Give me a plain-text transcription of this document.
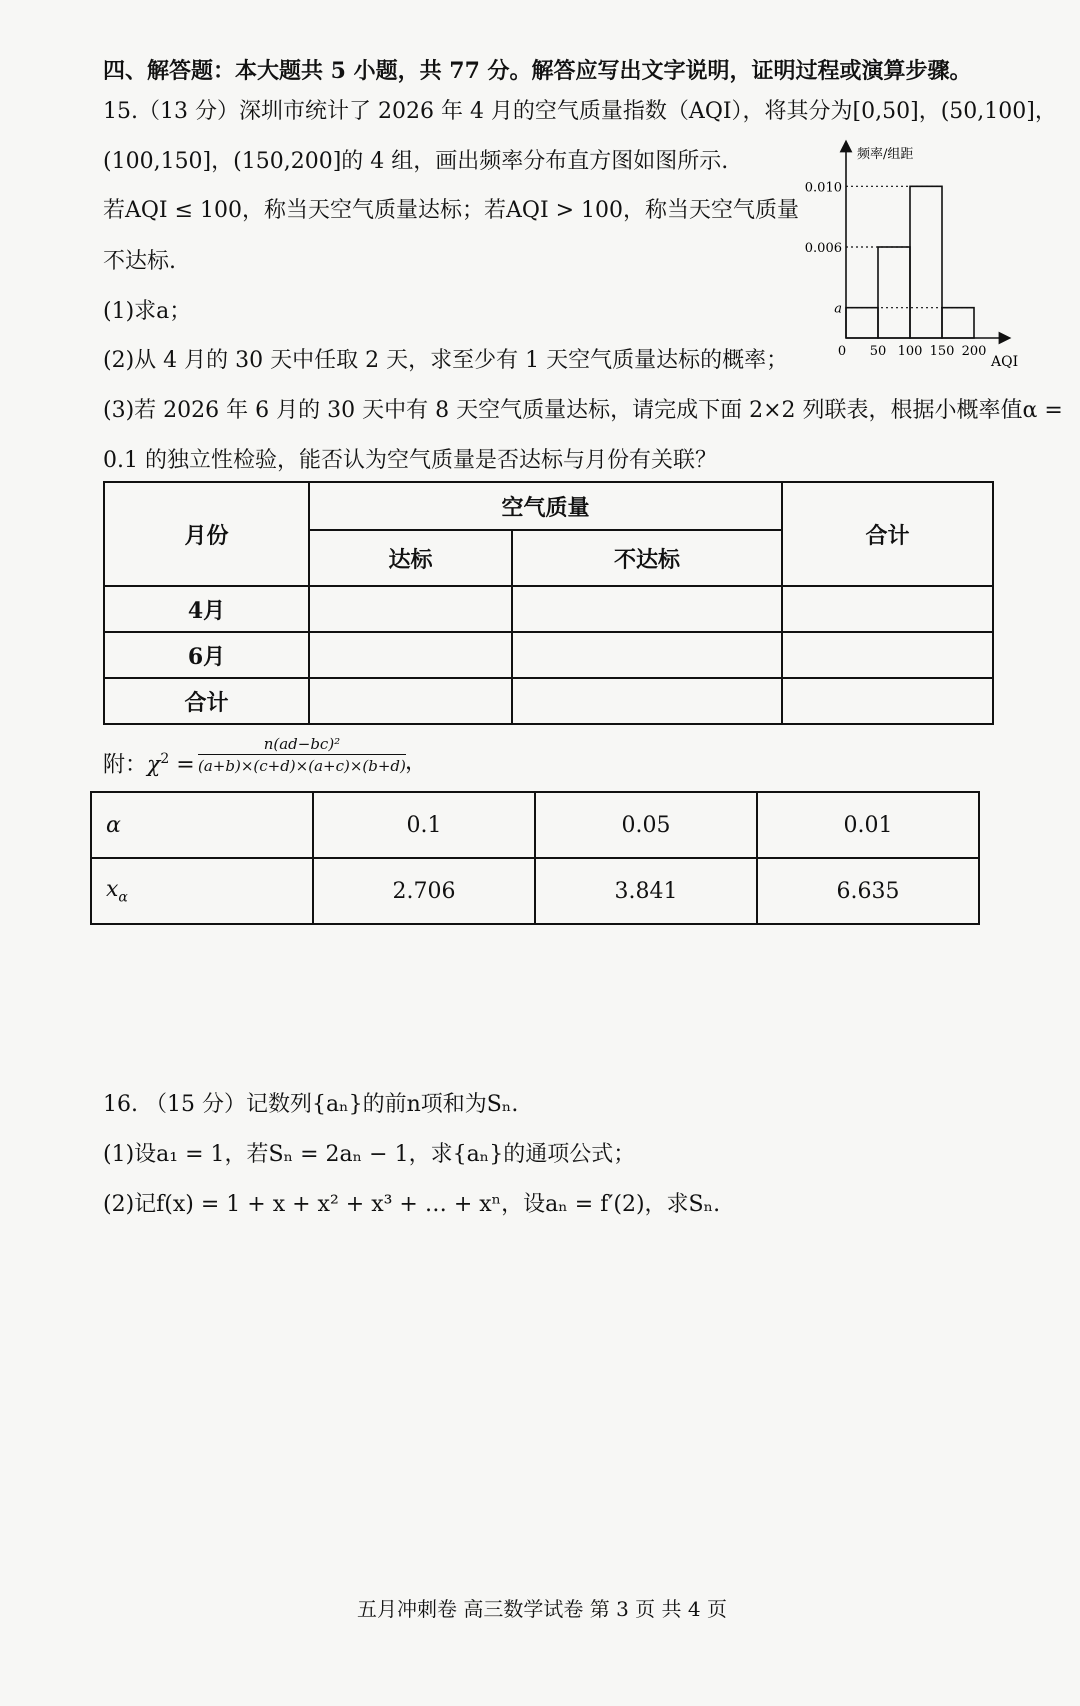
四、解答题：本大题共 5 小题，共 77 分。解答应写出文字说明，证明过程或演算步骤。
15.（13 分）深圳市统计了 2026 年 4 月的空气质量指数（AQI），将其分为[0,50]，(50,100]，
(100,150]，(150,200]的 4 组，画出频率分布直方图如图所示.
若AQI ≤ 100，称当天空气质量达标；若AQI > 100，称当天空气质量
不达标.
(1)求a；
(2)从 4 月的 30 天中任取 2 天，求至少有 1 天空气质量达标的概率；
(3)若 2026 年 6 月的 30 天中有 8 天空气质量达标，请完成下面 2×2 列联表，根据小概率值α =
0.1 的独立性检验，能否认为空气质量是否达标与月份有关联？
频率/组距
AQI
a
0.006
0.010
0 50 100 150 200
月份	空气质量		合计
	达标	不达标	
4月			
6月			
合计			
附：$\chi^2 = \frac{\text{n(ad−bc)²}}{(a+b)\times(c+d)\times(a+c)\times(b+d)}$ ，
α	0.1	0.05	0.01
$x_\alpha$	2.706	3.841	6.635
16. （15 分）记数列{aₙ}的前n项和为Sₙ.
(1)设a₁ = 1，若Sₙ = 2aₙ − 1，求{aₙ}的通项公式；
(2)记f(x) = 1 + x + x² + x³ + … + xⁿ，设aₙ = f′(2)，求Sₙ.
五月冲刺卷 高三数学试卷 第 3 页 共 4 页
